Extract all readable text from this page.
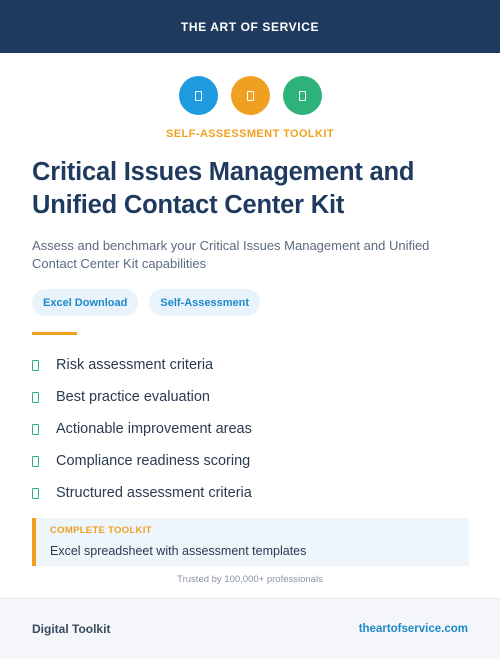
THE ART OF SERVICE
SELF-ASSESSMENT TOOLKIT
Critical Issues Management and Unified Contact Center Kit

Assess and benchmark your Critical Issues Management and Unified Contact Center Kit capabilities

Excel Download	Self-Assessment
Risk assessment criteria
Best practice evaluation
Actionable improvement areas
Compliance readiness scoring
Structured assessment criteria
COMPLETE TOOLKIT
Excel spreadsheet with assessment templates
Trusted by 100,000+ professionals
Digital Toolkit	theartofservice.com
